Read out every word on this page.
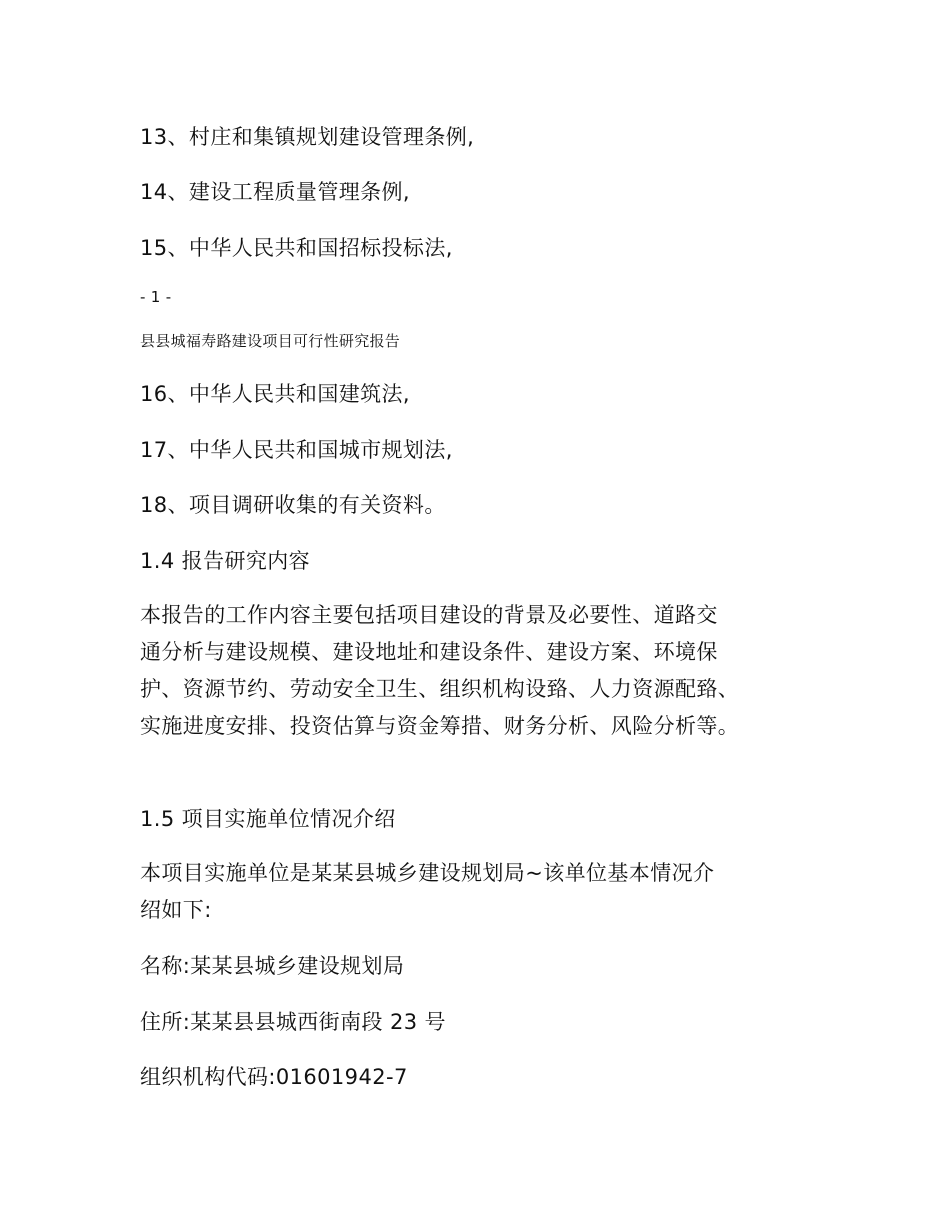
13、村庄和集镇规划建设管理条例,
14、建设工程质量管理条例,
15、中华人民共和国招标投标法,
- 1 -
县县城福寿路建设项目可行性研究报告
16、中华人民共和国建筑法,
17、中华人民共和国城市规划法,
18、项目调研收集的有关资料。
1.4 报告研究内容
本报告的工作内容主要包括项目建设的背景及必要性、道路交
通分析与建设规模、建设地址和建设条件、建设方案、环境保
护、资源节约、劳动安全卫生、组织机构设臵、人力资源配臵、
实施进度安排、投资估算与资金筹措、财务分析、风险分析等。
1.5 项目实施单位情况介绍
本项目实施单位是某某县城乡建设规划局~该单位基本情况介
绍如下:
名称:某某县城乡建设规划局
住所:某某县县城西街南段 23 号
组织机构代码:01601942-7
